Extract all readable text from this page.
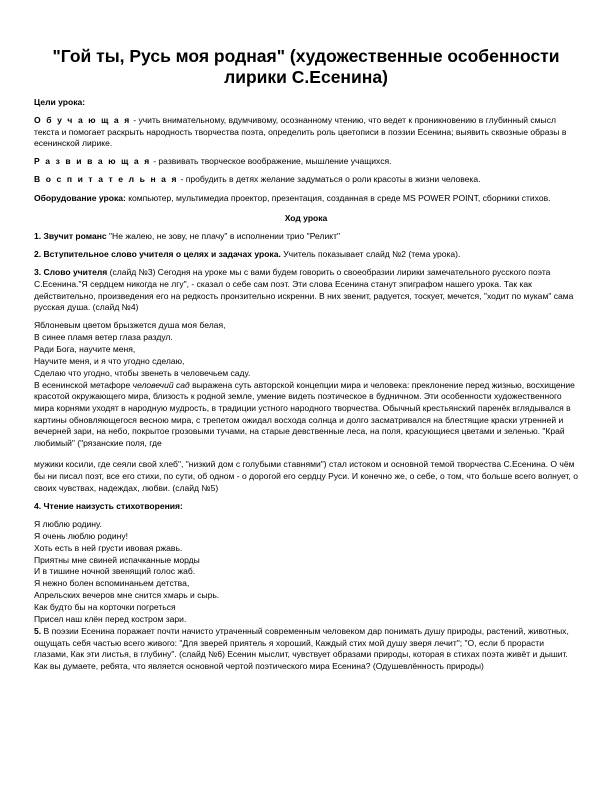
"Гой ты, Русь моя родная" (художественные особенности лирики С.Есенина)

Цели урока:

О б у ч а ю щ а я - учить внимательному, вдумчивому, осознанному чтению, что ведет к проникновению в глубинный смысл текста и помогает раскрыть народность творчества поэта, определить роль цветописи в поэзии Есенина; выявить сквозные образы в есенинской лирике.

Р а з в и в а ю щ а я - развивать творческое воображение, мышление учащихся.

В о с п и т а т е л ь н а я - пробудить в детях желание задуматься о роли красоты в жизни человека.

Оборудование урока: компьютер, мультимедиа проектор, презентация, созданная в среде MS POWER POINT, сборники стихов.

Ход урока

1. Звучит романс "Не жалею, не зову, не плачу" в исполнении трио "Реликт"

2. Вступительное слово учителя о целях и задачах урока. Учитель показывает слайд №2 (тема урока).

3. Слово учителя (слайд №3) Сегодня на уроке мы с вами будем говорить о своеобразии лирики замечательного русского поэта С.Есенина."Я сердцем никогда не лгу", - сказал о себе сам поэт. Эти слова Есенина станут эпиграфом нашего урока. Так как действительно, произведения его на редкость пронзительно искренни. В них звенит, радуется, тоскует, мечется, "ходит по мукам" сама русская душа. (слайд №4)

Яблоневым цветом брызжется душа моя белая,
В синее пламя ветер глаза раздул.
Ради Бога, научите меня,
Научите меня, и я что угодно сделаю,
Сделаю что угодно, чтобы звенеть в человечьем саду.

В есенинской метафоре человечий сад выражена суть авторской концепции мира и человека: преклонение перед жизнью, восхищение красотой окружающего мира, близость к родной земле, умение видеть поэтическое в будничном. Эти особенности художественного мира корнями уходят в народную мудрость, в традиции устного народного творчества. Обычный крестьянский паренёк вглядывался в картины обновляющегося весною мира, с трепетом ожидал восхода солнца и долго засматривался на блестящие краски утренней и вечерней зари, на небо, покрытое грозовыми тучами, на старые девственные леса, на поля, красующиеся цветами и зеленью. "Край любимый" ("рязанские поля, где

мужики косили, где сеяли свой хлеб", "низкий дом с голубыми ставнями") стал истоком и основной темой творчества С.Есенина. О чём бы ни писал поэт, все его стихи, по сути, об одном - о дорогой его сердцу Руси. И конечно же, о себе, о том, что больше всего волнует, о своих чувствах, надеждах, любви. (слайд №5)

4. Чтение наизусть стихотворения:

Я люблю родину.
Я очень люблю родину!
Хоть есть в ней грусти ивовая ржавь.
Приятны мне свиней испачканные морды
И в тишине ночной звенящий голос жаб.
Я нежно болен вспоминаньем детства,
Апрельских вечеров мне снится хмарь и сырь.
Как будто бы на корточки погреться
Присел наш клён перед костром зари.

5. В поэзии Есенина поражает почти начисто утраченный современным человеком дар понимать душу природы, растений, животных, ощущать себя частью всего живого: "Для зверей приятель я хороший, Каждый стих мой душу зверя лечит"; "О, если б прорасти глазами, Как эти листья, в глубину". (слайд №6) Есенин мыслит, чувствует образами природы, которая в стихах поэта живёт и дышит. Как вы думаете, ребята, что является основной чертой поэтического мира Есенина? (Одушевлённость природы)
